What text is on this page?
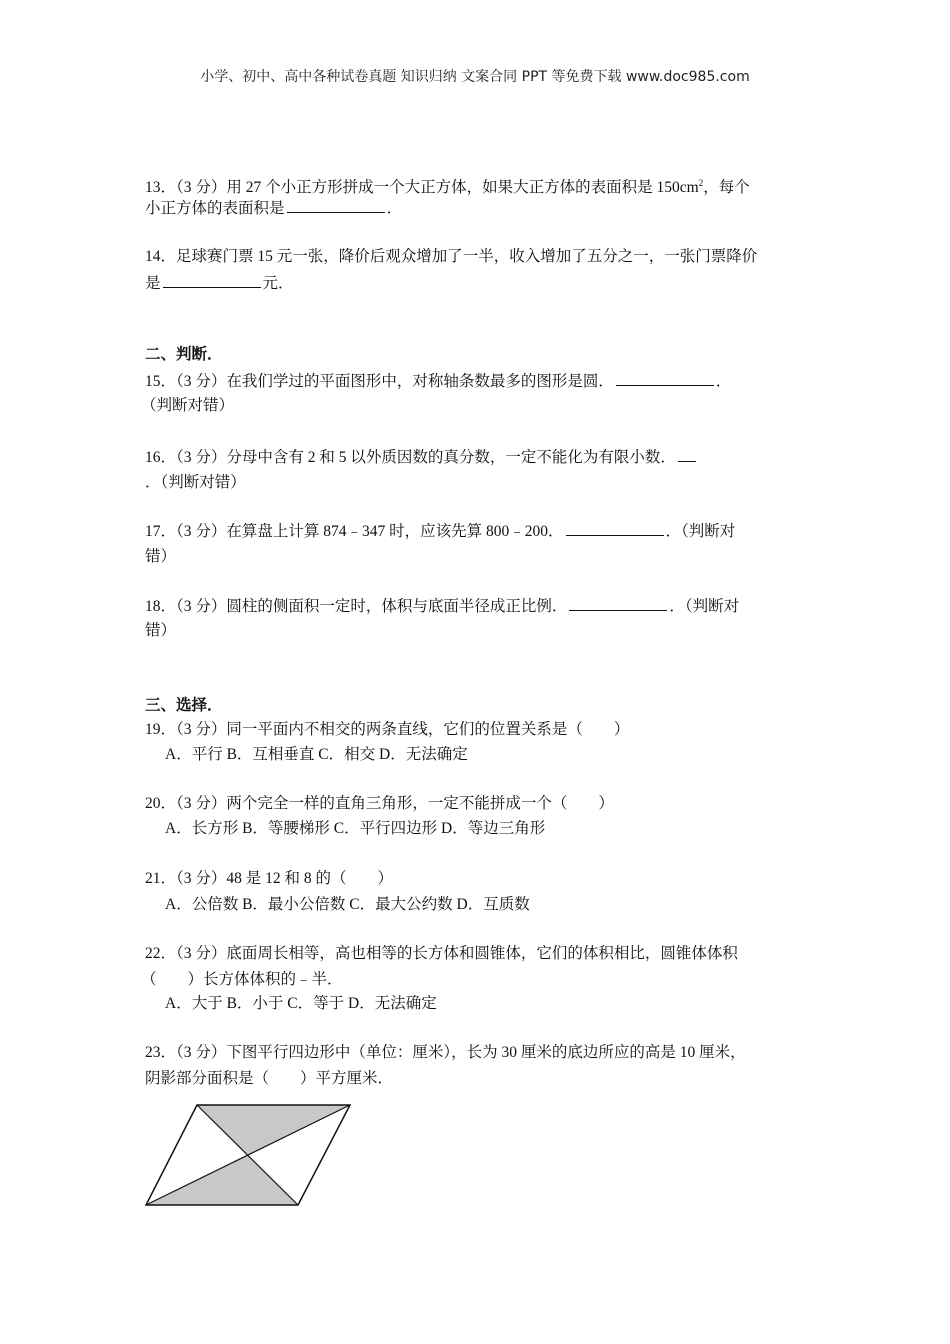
小学、初中、高中各种试卷真题 知识归纳 文案合同 PPT 等免费下载 www.doc985.com
13．（3 分）用 27 个小正方形拼成一个大正方体，如果大正方体的表面积是 $150cm^2$，每个
小正方体的表面积是	．
14．足球赛门票 15 元一张，降价后观众增加了一半，收入增加了五分之一，一张门票降价
是	元．
二、判断．
15．（3 分）在我们学过的平面图形中，对称轴条数最多的图形是圆．	．
（判断对错）
16．（3 分）分母中含有 2 和 5 以外质因数的真分数，一定不能化为有限小数．
．（判断对错）
17．（3 分）在算盘上计算 874﹣347 时，应该先算 800﹣200．	．（判断对
错）
18．（3 分）圆柱的侧面积一定时，体积与底面半径成正比例．	．（判断对
错）
三、选择．
19．（3 分）同一平面内不相交的两条直线，它们的位置关系是（　　）
A．平行 B．互相垂直 C．相交 D．无法确定
20．（3 分）两个完全一样的直角三角形，一定不能拼成一个（　　）
A．长方形 B．等腰梯形 C．平行四边形 D．等边三角形
21．（3 分）48 是 12 和 8 的（　　）
A．公倍数 B．最小公倍数 C．最大公约数 D．互质数
22．（3 分）底面周长相等，高也相等的长方体和圆锥体，它们的体积相比，圆锥体体积
（　　）长方体体积的﹣半．
A．大于 B．小于 C．等于 D．无法确定
23．（3 分）下图平行四边形中（单位：厘米），长为 30 厘米的底边所应的高是 10 厘米，
阴影部分面积是（　　）平方厘米．
